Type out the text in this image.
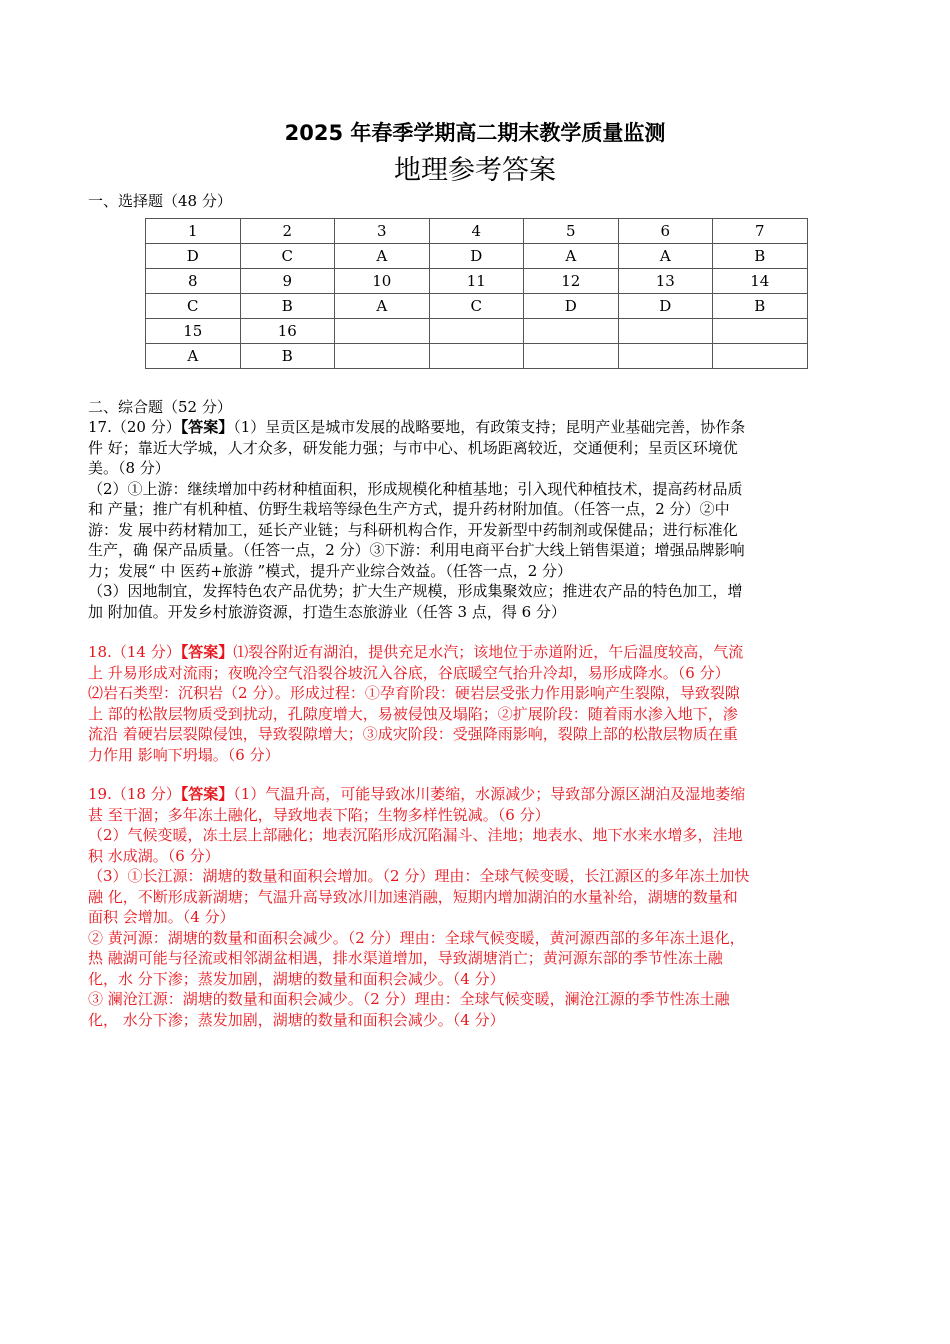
2025 年春季学期高二期末教学质量监测
地理参考答案
一、选择题（48 分）
1	2	3	4	5	6	7
D	C	A	D	A	A	B
8	9	10	11	12	13	14
C	B	A	C	D	D	B
15	16					
A	B					
二、综合题（52 分）

17.（20 分）【答案】（1）呈贡区是城市发展的战略要地，有政策支持；昆明产业基础完善，协作条

件 好；靠近大学城，人才众多，研发能力强；与市中心、机场距离较近，交通便利；呈贡区环境优

美。（8 分）

（2）①上游：继续增加中药材种植面积，形成规模化种植基地；引入现代种植技术，提高药材品质

和 产量；推广有机种植、仿野生栽培等绿色生产方式，提升药材附加值。（任答一点，2 分）②中

游：发 展中药材精加工，延长产业链；与科研机构合作，开发新型中药制剂或保健品；进行标准化

生产，确 保产品质量。（任答一点，2 分）③下游：利用电商平台扩大线上销售渠道；增强品牌影响

力；发展“ 中 医药+旅游 ”模式，提升产业综合效益。（任答一点，2 分）

（3）因地制宜，发挥特色农产品优势；扩大生产规模，形成集聚效应；推进农产品的特色加工，增

加 附加值。开发乡村旅游资源，打造生态旅游业（任答 3 点，得 6 分）

18.（14 分）【答案】⑴裂谷附近有湖泊，提供充足水汽；该地位于赤道附近，午后温度较高，气流

上 升易形成对流雨；夜晚冷空气沿裂谷坡沉入谷底，谷底暖空气抬升冷却，易形成降水。（6 分）

⑵岩石类型：沉积岩（2 分）。形成过程：①孕育阶段：硬岩层受张力作用影响产生裂隙，导致裂隙

上 部的松散层物质受到扰动，孔隙度增大，易被侵蚀及塌陷；②扩展阶段：随着雨水渗入地下，渗

流沿 着硬岩层裂隙侵蚀，导致裂隙增大；③成灾阶段：受强降雨影响，裂隙上部的松散层物质在重

力作用 影响下坍塌。（6 分）

19.（18 分）【答案】（1）气温升高，可能导致冰川萎缩，水源减少；导致部分源区湖泊及湿地萎缩

甚 至干涸；多年冻土融化，导致地表下陷；生物多样性锐减。（6 分）

（2）气候变暖，冻土层上部融化；地表沉陷形成沉陷漏斗、洼地；地表水、地下水来水增多，洼地

积 水成湖。（6 分）

（3）①长江源：湖塘的数量和面积会增加。（2 分）理由：全球气候变暖，长江源区的多年冻土加快

融 化，不断形成新湖塘；气温升高导致冰川加速消融，短期内增加湖泊的水量补给，湖塘的数量和

面积 会增加。（4 分）

② 黄河源：湖塘的数量和面积会减少。（2 分）理由：全球气候变暖，黄河源西部的多年冻土退化，

热 融湖可能与径流或相邻湖盆相遇，排水渠道增加，导致湖塘消亡；黄河源东部的季节性冻土融

化，水 分下渗；蒸发加剧，湖塘的数量和面积会减少。（4 分）

③ 澜沧江源：湖塘的数量和面积会减少。（2 分）理由：全球气候变暖，澜沧江源的季节性冻土融

化， 水分下渗；蒸发加剧，湖塘的数量和面积会减少。（4 分）
